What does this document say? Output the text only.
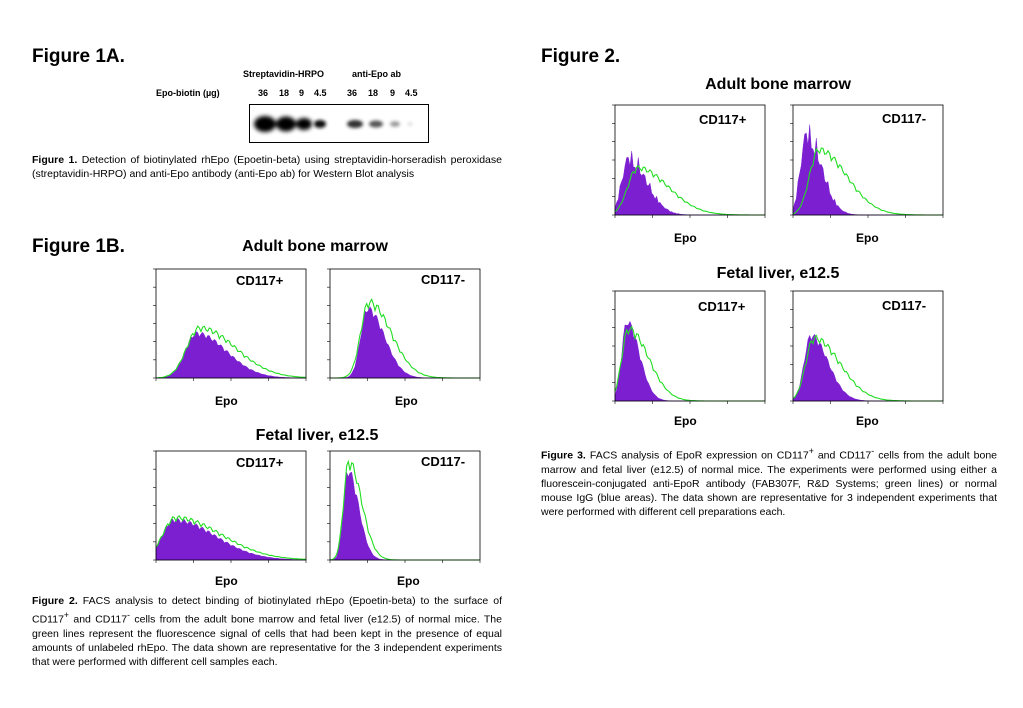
Figure 1A.
Streptavidin-HRPO	anti-Epo ab
Epo-biotin (µg)	36 18 9 4.5 36 18 9 4.5
Figure 1. Detection of biotinylated rhEpo (Epoetin-beta) using streptavidin-horseradish peroxidase (streptavidin-HRPO) and anti-Epo antibody (anti-Epo ab) for Western Blot analysis
Figure 1B.	Adult bone marrow
CD117+	CD117-
Epo	Epo
Fetal liver, e12.5
CD117+	CD117-
Epo	Epo
Figure 2. FACS analysis to detect binding of biotinylated rhEpo (Epoetin-beta) to the surface of CD117+ and CD117- cells from the adult bone marrow and fetal liver (e12.5) of normal mice. The green lines represent the fluorescence signal of cells that had been kept in the presence of equal amounts of unlabeled rhEpo. The data shown are representative for the 3 independent experiments that were performed with different cell samples each.
Figure 2.
Adult bone marrow
CD117+	CD117-
Epo	Epo
Fetal liver, e12.5
CD117+	CD117-
Epo	Epo
Figure 3. FACS analysis of EpoR expression on CD117+ and CD117- cells from the adult bone marrow and fetal liver (e12.5) of normal mice. The experiments were performed using either a fluorescein-conjugated anti-EpoR antibody (FAB307F, R&D Systems; green lines) or normal mouse IgG (blue areas). The data shown are representative for 3 independent experiments that were performed with different cell preparations each.
